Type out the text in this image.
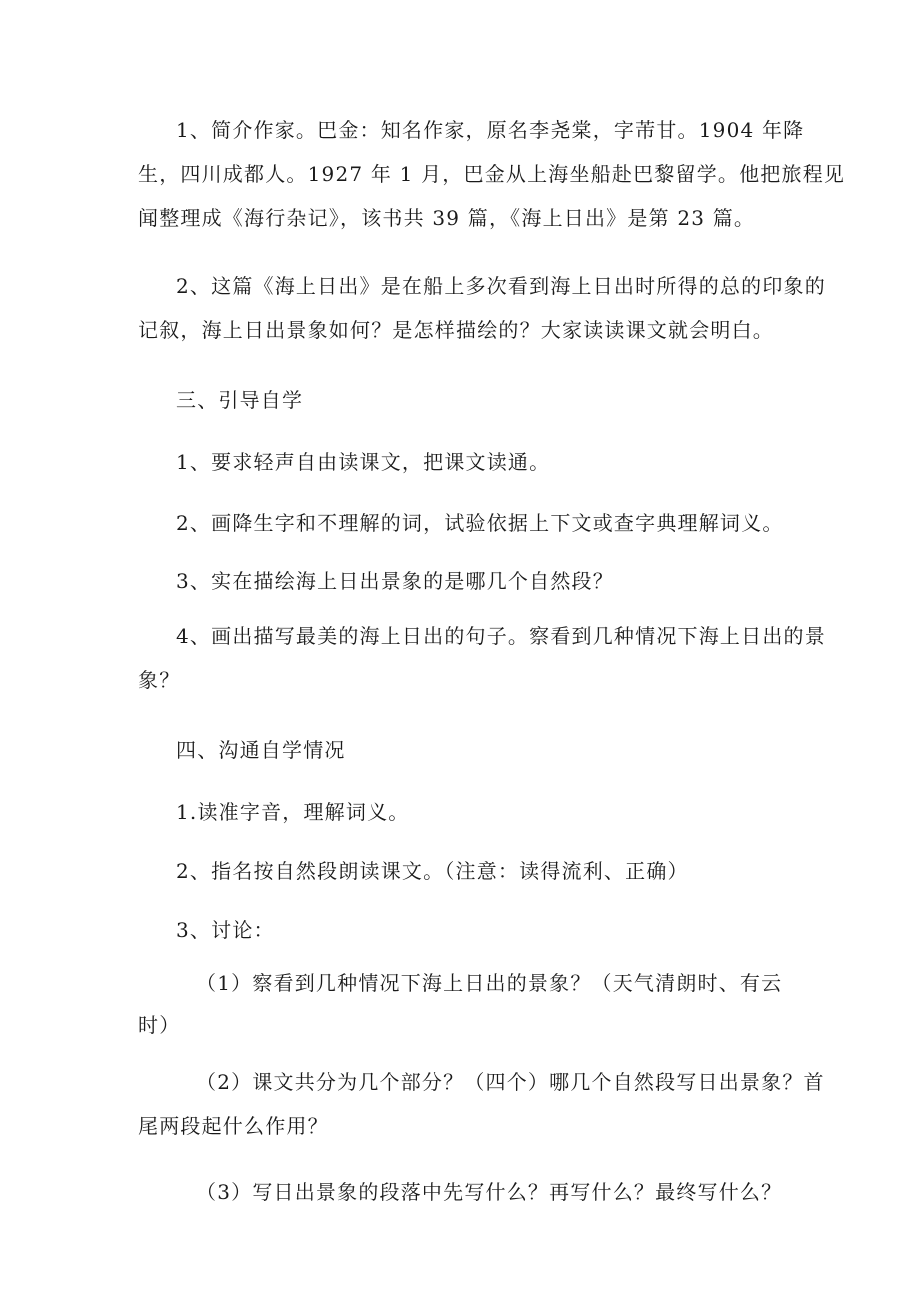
1、简介作家。巴金：知名作家，原名李尧棠，字芾甘。1904 年降
生，四川成都人。1927 年 1 月，巴金从上海坐船赴巴黎留学。他把旅程见
闻整理成《海行杂记》，该书共 39 篇，《海上日出》是第 23 篇。
2、这篇《海上日出》是在船上多次看到海上日出时所得的总的印象的
记叙，海上日出景象如何？是怎样描绘的？大家读读课文就会明白。

三、引导自学

1、要求轻声自由读课文，把课文读通。

2、画降生字和不理解的词，试验依据上下文或查字典理解词义。

3、实在描绘海上日出景象的是哪几个自然段？

4、画出描写最美的海上日出的句子。察看到几种情况下海上日出的景
象？

四、沟通自学情况

1.读准字音，理解词义。

2、指名按自然段朗读课文。（注意：读得流利、正确）

3、讨论：

（1）察看到几种情况下海上日出的景象？（天气清朗时、有云
时）
（2）课文共分为几个部分？（四个）哪几个自然段写日出景象？首
尾两段起什么作用？

（3）写日出景象的段落中先写什么？再写什么？最终写什么？
